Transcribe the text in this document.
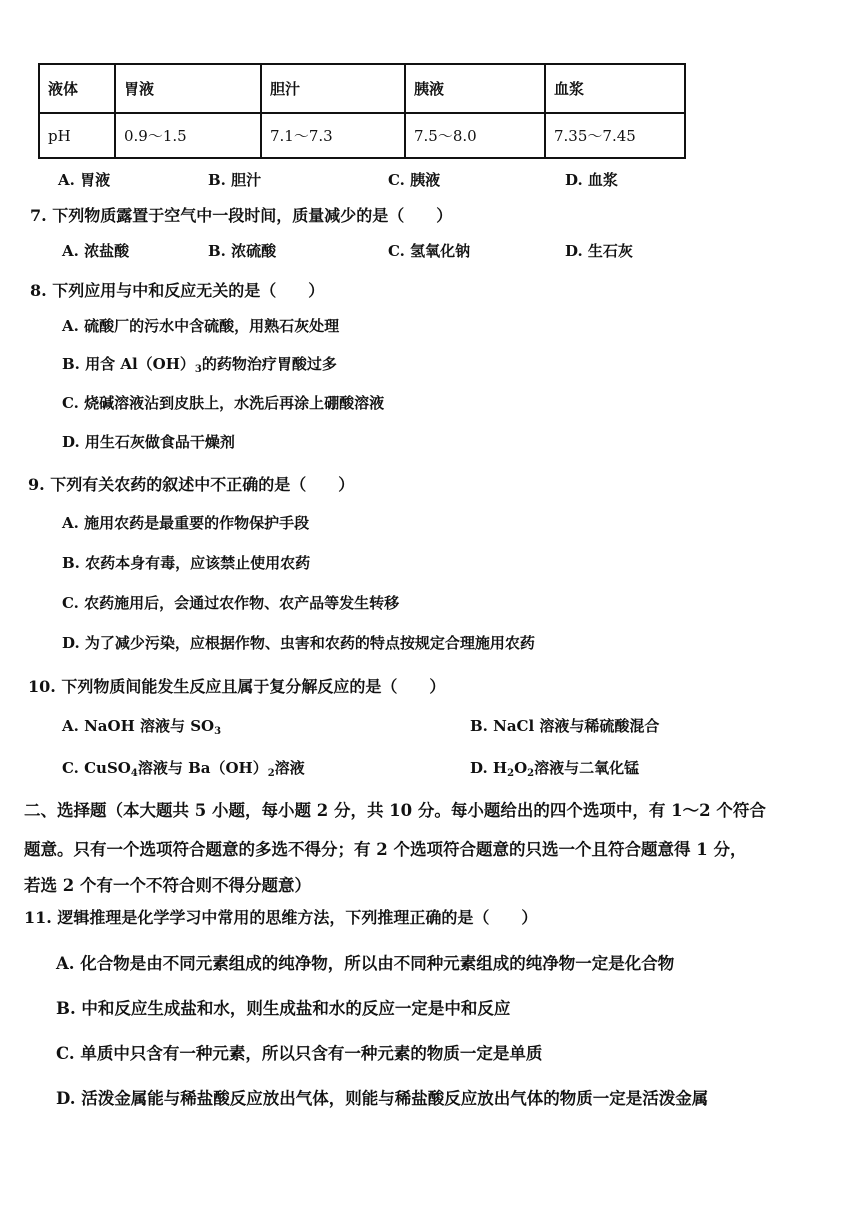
液体	胃液	胆汁	胰液	血浆
pH	0.9～1.5	7.1～7.3	7.5～8.0	7.35～7.45
A. 胃液	B. 胆汁	C. 胰液	D. 血浆
7. 下列物质露置于空气中一段时间，质量减少的是（　　）
A. 浓盐酸	B. 浓硫酸	C. 氢氧化钠	D. 生石灰
8. 下列应用与中和反应无关的是（　　）
A. 硫酸厂的污水中含硫酸，用熟石灰处理
B. 用含 $Al(OH)_3$的药物治疗胃酸过多
C. 烧碱溶液沾到皮肤上，水洗后再涂上硼酸溶液
D. 用生石灰做食品干燥剂
9. 下列有关农药的叙述中不正确的是（　　）
A. 施用农药是最重要的作物保护手段
B. 农药本身有毒，应该禁止使用农药
C. 农药施用后，会通过农作物、农产品等发生转移
D. 为了减少污染，应根据作物、虫害和农药的特点按规定合理施用农药
10. 下列物质间能发生反应且属于复分解反应的是（　　）
A. NaOH 溶液与 $SO_3$	B. NaCl 溶液与稀硫酸混合
C. CuSO$_4$溶液与 $Ba(OH)_2$溶液	D. $H_2O_2$溶液与二氧化锰
二、选择题（本大题共 5 小题，每小题 2 分，共 10 分。每小题给出的四个选项中，有 1～2 个符合
题意。只有一个选项符合题意的多选不得分；有 2 个选项符合题意的只选一个且符合题意得 1 分，
若选 2 个有一个不符合则不得分题意）
11. 逻辑推理是化学学习中常用的思维方法，下列推理正确的是（　　）
A. 化合物是由不同元素组成的纯净物，所以由不同种元素组成的纯净物一定是化合物
B. 中和反应生成盐和水，则生成盐和水的反应一定是中和反应
C. 单质中只含有一种元素，所以只含有一种元素的物质一定是单质
D. 活泼金属能与稀盐酸反应放出气体，则能与稀盐酸反应放出气体的物质一定是活泼金属
